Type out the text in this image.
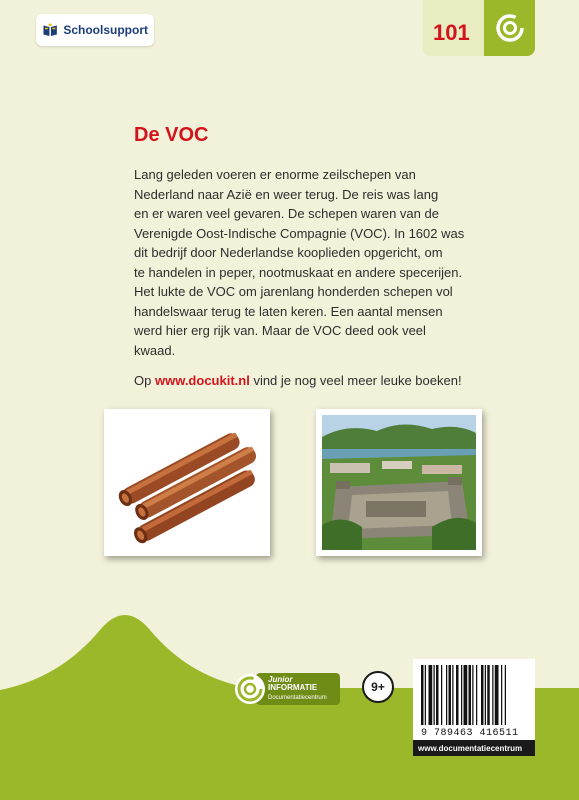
Schoolsupport	101
De VOC
Lang geleden voeren er enorme zeilschepen van
Nederland naar Azië en weer terug. De reis was lang
en er waren veel gevaren. De schepen waren van de
Verenigde Oost-Indische Compagnie (VOC). In 1602 was
dit bedrijf door Nederlandse kooplieden opgericht, om
te handelen in peper, nootmuskaat en andere specerijen.
Het lukte de VOC om jarenlang honderden schepen vol
handelswaar terug te laten keren. Een aantal mensen
werd hier erg rijk van. Maar de VOC deed ook veel
kwaad.

Op www.docukit.nl vind je nog veel meer leuke boeken!

Junior
INFORMATIE
Documentatiecentrum
9+
9 789463 416511
www.documentatiecentrum
